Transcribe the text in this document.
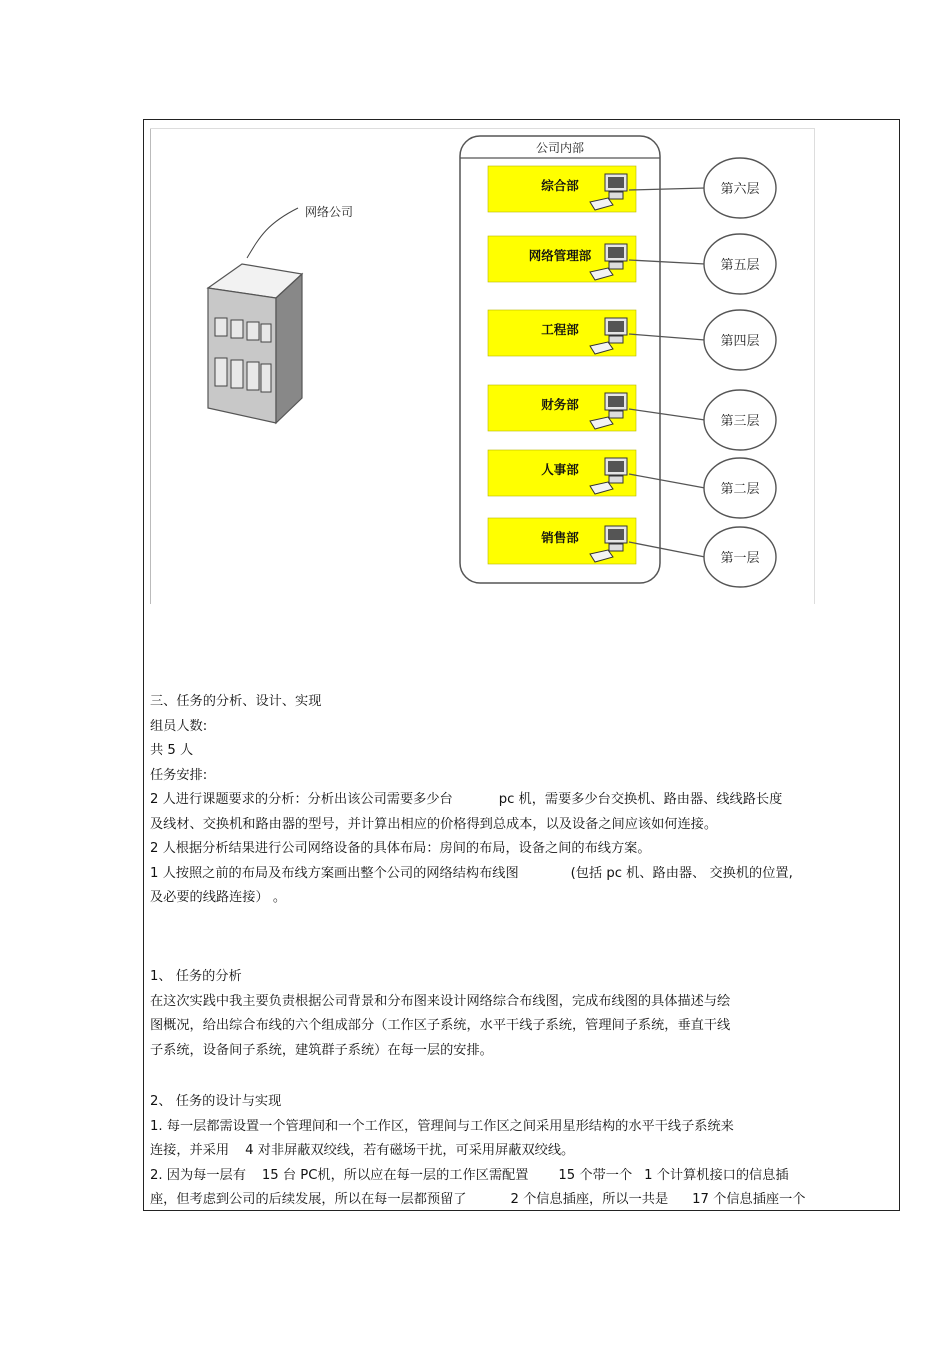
网络公司
公司内部
综合部	第六层
网络管理部
第五层
工程部
第四层
财务部
第三层
人事部
第二层
销售部
第一层

三、任务的分析、设计、实现

组员人数:

共 5 人

任务安排:

2 人进行课题要求的分析：分析出该公司需要多少台	pc 机，需要多少台交换机、路由器、线线路长度

及线材、交换机和路由器的型号，并计算出相应的价格得到总成本，以及设备之间应该如何连接。

2 人根据分析结果进行公司网络设备的具体布局：房间的布局，设备之间的布线方案。

1 人按照之前的布局及布线方案画出整个公司的网络结构布线图	(包括 pc 机、路由器、 交换机的位置,

及必要的线路连接） 。

1、 任务的分析

在这次实践中我主要负责根据公司背景和分布图来设计网络综合布线图，完成布线图的具体描述与绘

图概况，给出综合布线的六个组成部分（工作区子系统，水平干线子系统，管理间子系统，垂直干线

子系统，设备间子系统，建筑群子系统）在每一层的安排。

2、 任务的设计与实现

1. 每一层都需设置一个管理间和一个工作区，管理间与工作区之间采用星形结构的水平干线子系统来

连接，并采用 4 对非屏蔽双绞线，若有磁场干扰，可采用屏蔽双绞线。

2. 因为每一层有 15 台 PC机，所以应在每一层的工作区需配置 15 个带一个 1 个计算机接口的信息插

座，但考虑到公司的后续发展，所以在每一层都预留了	2 个信息插座，所以一共是 17 个信息插座一个
